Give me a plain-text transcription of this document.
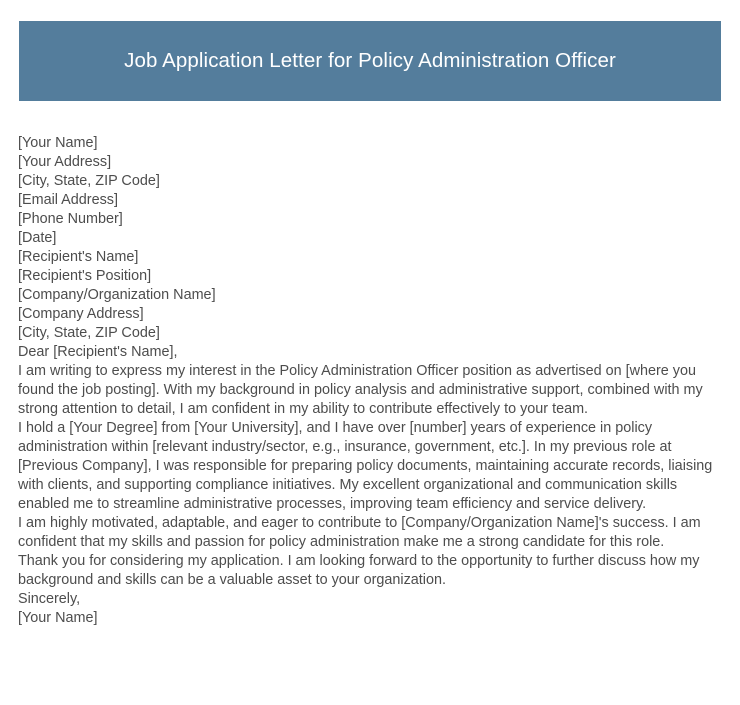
Job Application Letter for Policy Administration Officer
[Your Name]
[Your Address]
[City, State, ZIP Code]
[Email Address]
[Phone Number]
[Date]
[Recipient's Name]
[Recipient's Position]
[Company/Organization Name]
[Company Address]
[City, State, ZIP Code]
Dear [Recipient's Name],

I am writing to express my interest in the Policy Administration Officer position as advertised on [where you found the job posting]. With my background in policy analysis and administrative support, combined with my strong attention to detail, I am confident in my ability to contribute effectively to your team.

I hold a [Your Degree] from [Your University], and I have over [number] years of experience in policy administration within [relevant industry/sector, e.g., insurance, government, etc.]. In my previous role at [Previous Company], I was responsible for preparing policy documents, maintaining accurate records, liaising with clients, and supporting compliance initiatives. My excellent organizational and communication skills enabled me to streamline administrative processes, improving team efficiency and service delivery.

I am highly motivated, adaptable, and eager to contribute to [Company/Organization Name]'s success. I am confident that my skills and passion for policy administration make me a strong candidate for this role.

Thank you for considering my application. I am looking forward to the opportunity to further discuss how my background and skills can be a valuable asset to your organization.

Sincerely,
[Your Name]
